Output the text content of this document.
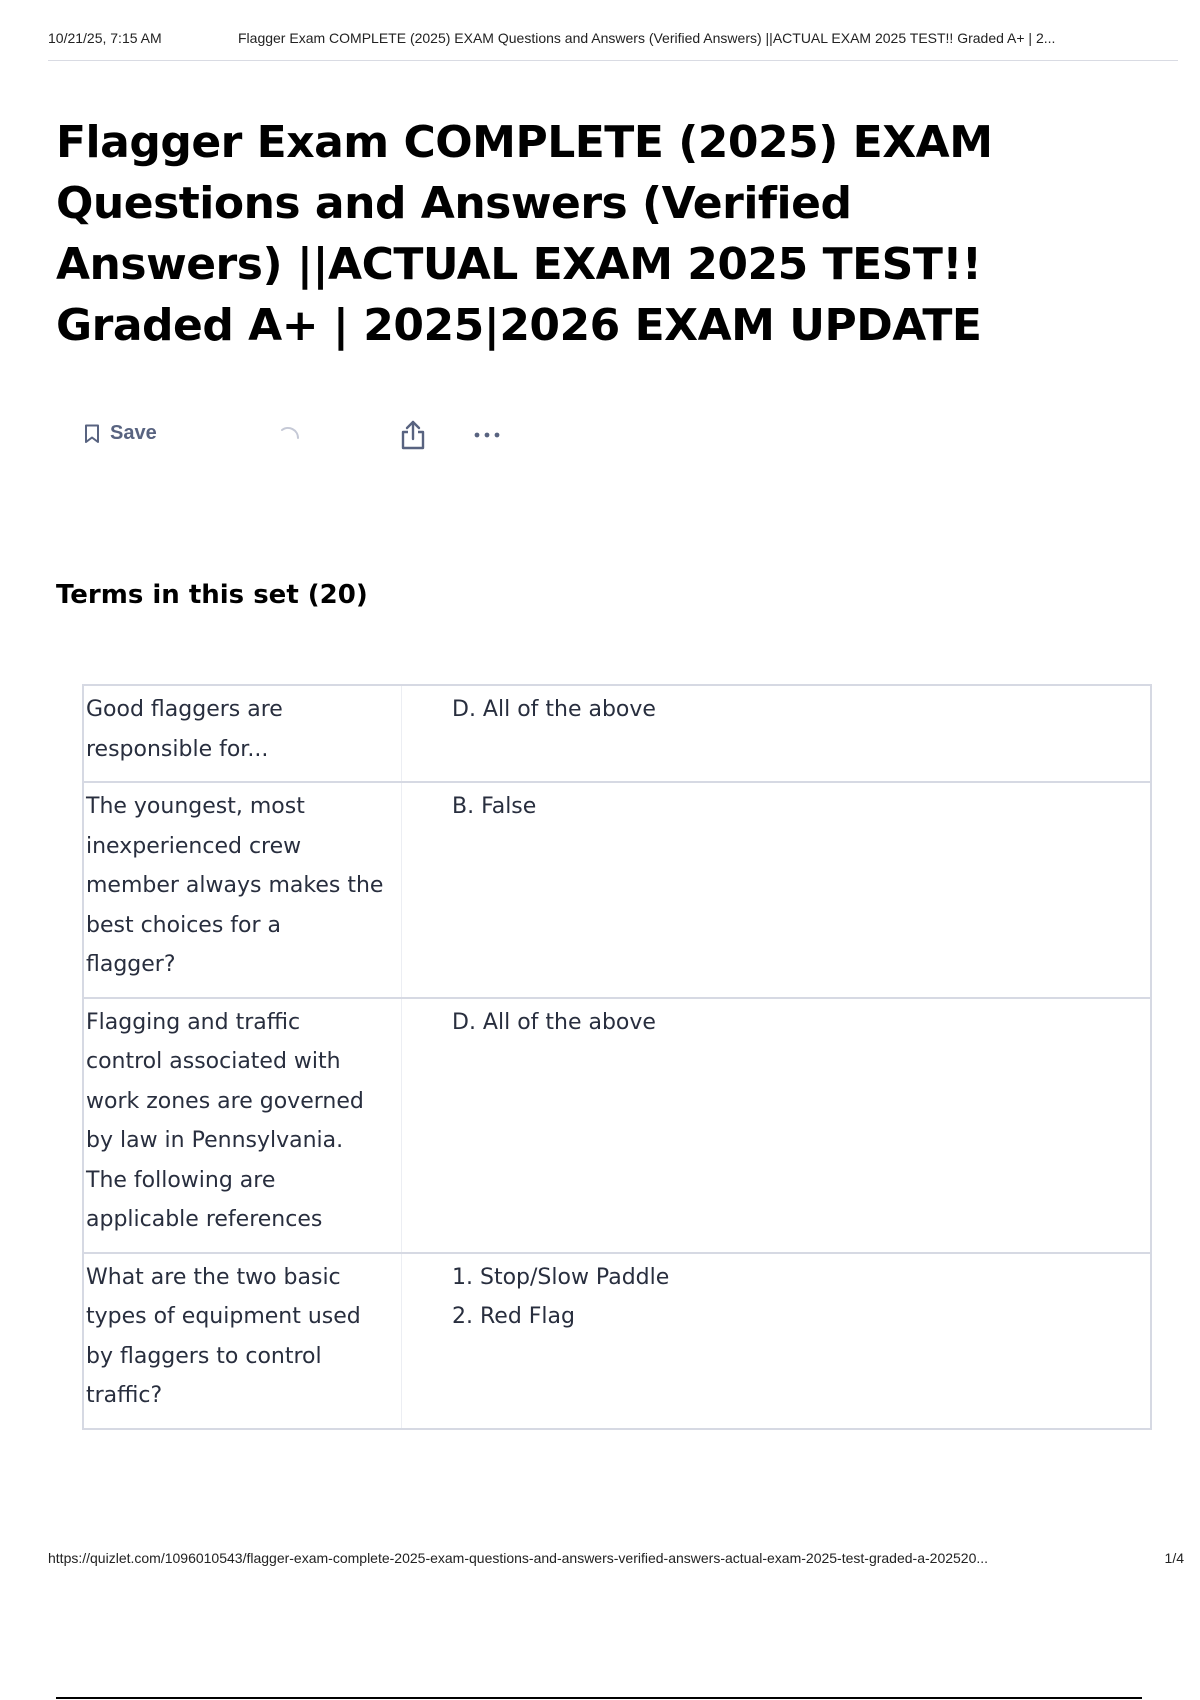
10/21/25, 7:15 AM	Flagger Exam COMPLETE (2025) EXAM Questions and Answers (Verified Answers) ||ACTUAL EXAM 2025 TEST!! Graded A+ | 2...
Flagger Exam COMPLETE (2025) EXAM Questions and Answers (Verified Answers) ||ACTUAL EXAM 2025 TEST!! Graded A+ | 2025|2026 EXAM UPDATE
Save
Terms in this set (20)
Good flaggers are
responsible for...
D. All of the above
The youngest, most
inexperienced crew
member always makes the
best choices for a
flagger?
B. False
Flagging and traffic
control associated with
work zones are governed
by law in Pennsylvania.
The following are
applicable references
D. All of the above
What are the two basic
types of equipment used
by flaggers to control
traffic?
1. Stop/Slow Paddle
2. Red Flag
https://quizlet.com/1096010543/flagger-exam-complete-2025-exam-questions-and-answers-verified-answers-actual-exam-2025-test-graded-a-202520...	1/4
